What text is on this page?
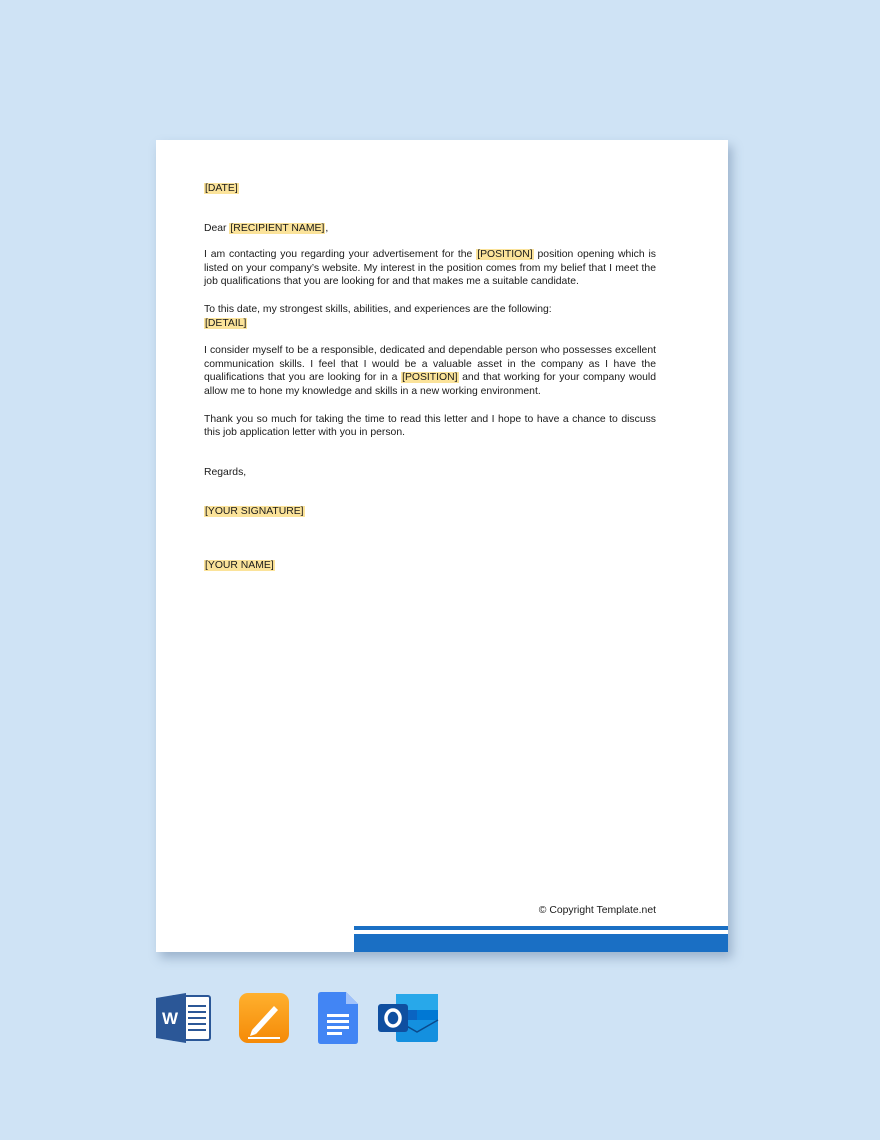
[DATE]

Dear [RECIPIENT NAME],

I am contacting you regarding your advertisement for the [POSITION] position opening which is listed on your company’s website. My interest in the position comes from my belief that I meet the job qualifications that you are looking for and that makes me a suitable candidate.

To this date, my strongest skills, abilities, and experiences are the following:

[DETAIL]

I consider myself to be a responsible, dedicated and dependable person who possesses excellent communication skills. I feel that I would be a valuable asset in the company as I have the qualifications that you are looking for in a [POSITION] and that working for your company would allow me to hone my knowledge and skills in a new working environment.

Thank you so much for taking the time to read this letter and I hope to have a chance to discuss this job application letter with you in person.

Regards,

[YOUR SIGNATURE]

[YOUR NAME]

© Copyright Template.net
W
